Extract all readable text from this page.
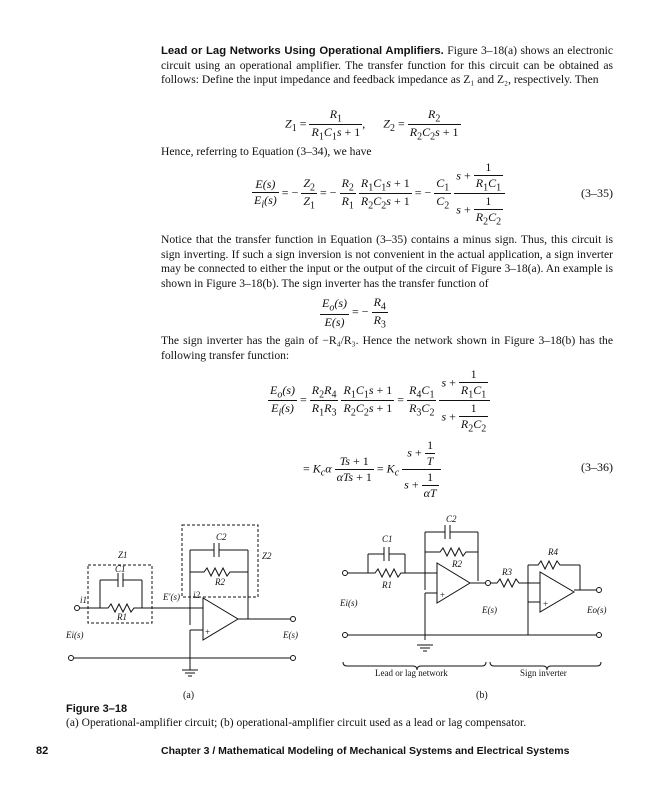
Lead or Lag Networks Using Operational Amplifiers. Figure 3–18(a) shows an electronic circuit using an operational amplifier. The transfer function for this circuit can be obtained as follows: Define the input impedance and feedback impedance as Z₁ and Z₂, respectively. Then
$Z_1 = \frac{R_1}{R_1C_1s + 1}$ ,      $Z_2 = \frac{R_2}{R_2C_2s + 1}$
Hence, referring to Equation (3–34), we have
$\frac{E(s)}{E_i(s)}$ = − $\frac{Z_2}{Z_1}$ = − $\frac{R_2}{R_1}$
$\frac{R_1C_1s + 1}{R_2C_2s + 1}$ = − $\frac{C_1}{C_2}$
$\frac{s + \frac{1}{R_1C_1}}{s + \frac{1}{R_2C_2}}$	(3–35)
Notice that the transfer function in Equation (3–35) contains a minus sign. Thus, this circuit is sign inverting. If such a sign inversion is not convenient in the actual application, a sign inverter may be connected to either the input or the output of the circuit of Figure 3–18(a). An example is shown in Figure 3–18(b). The sign inverter has the transfer function of
$\frac{E_o(s)}{E(s)}$ = − $\frac{R_4}{R_3}$
The sign inverter has the gain of −R₄/R₃. Hence the network shown in Figure 3–18(b) has the following transfer function:
$\frac{E_o(s)}{E_i(s)} = \frac{R_2R_4}{R_1R_3}$
$\frac{R_1C_1s + 1}{R_2C_2s + 1} = \frac{R_4C_1}{R_3C_2}$
$\frac{s + \frac{1}{R_1C_1}}{s + \frac{1}{R_2C_2}}$
= $K_c\alpha \frac{Ts + 1}{\text{αTs + 1}} = K_c \frac{s + \frac{1}{T}}{s + \frac{1}{\alpha T}}$	(3–36)
+
+
+
Z1	Z2
C1
C2
R1
R2
i1	i2
Ei(s)
E′(s)
E(s)
C1
C2
R1
R2
R3
R4
Ei(s)
E(s)	Eo(s)
Lead or lag network	Sign inverter
(a)	(b)
Figure 3–18
(a) Operational-amplifier circuit; (b) operational-amplifier circuit used as a lead or lag compensator.
82	Chapter 3 / Mathematical Modeling of Mechanical Systems and Electrical Systems
